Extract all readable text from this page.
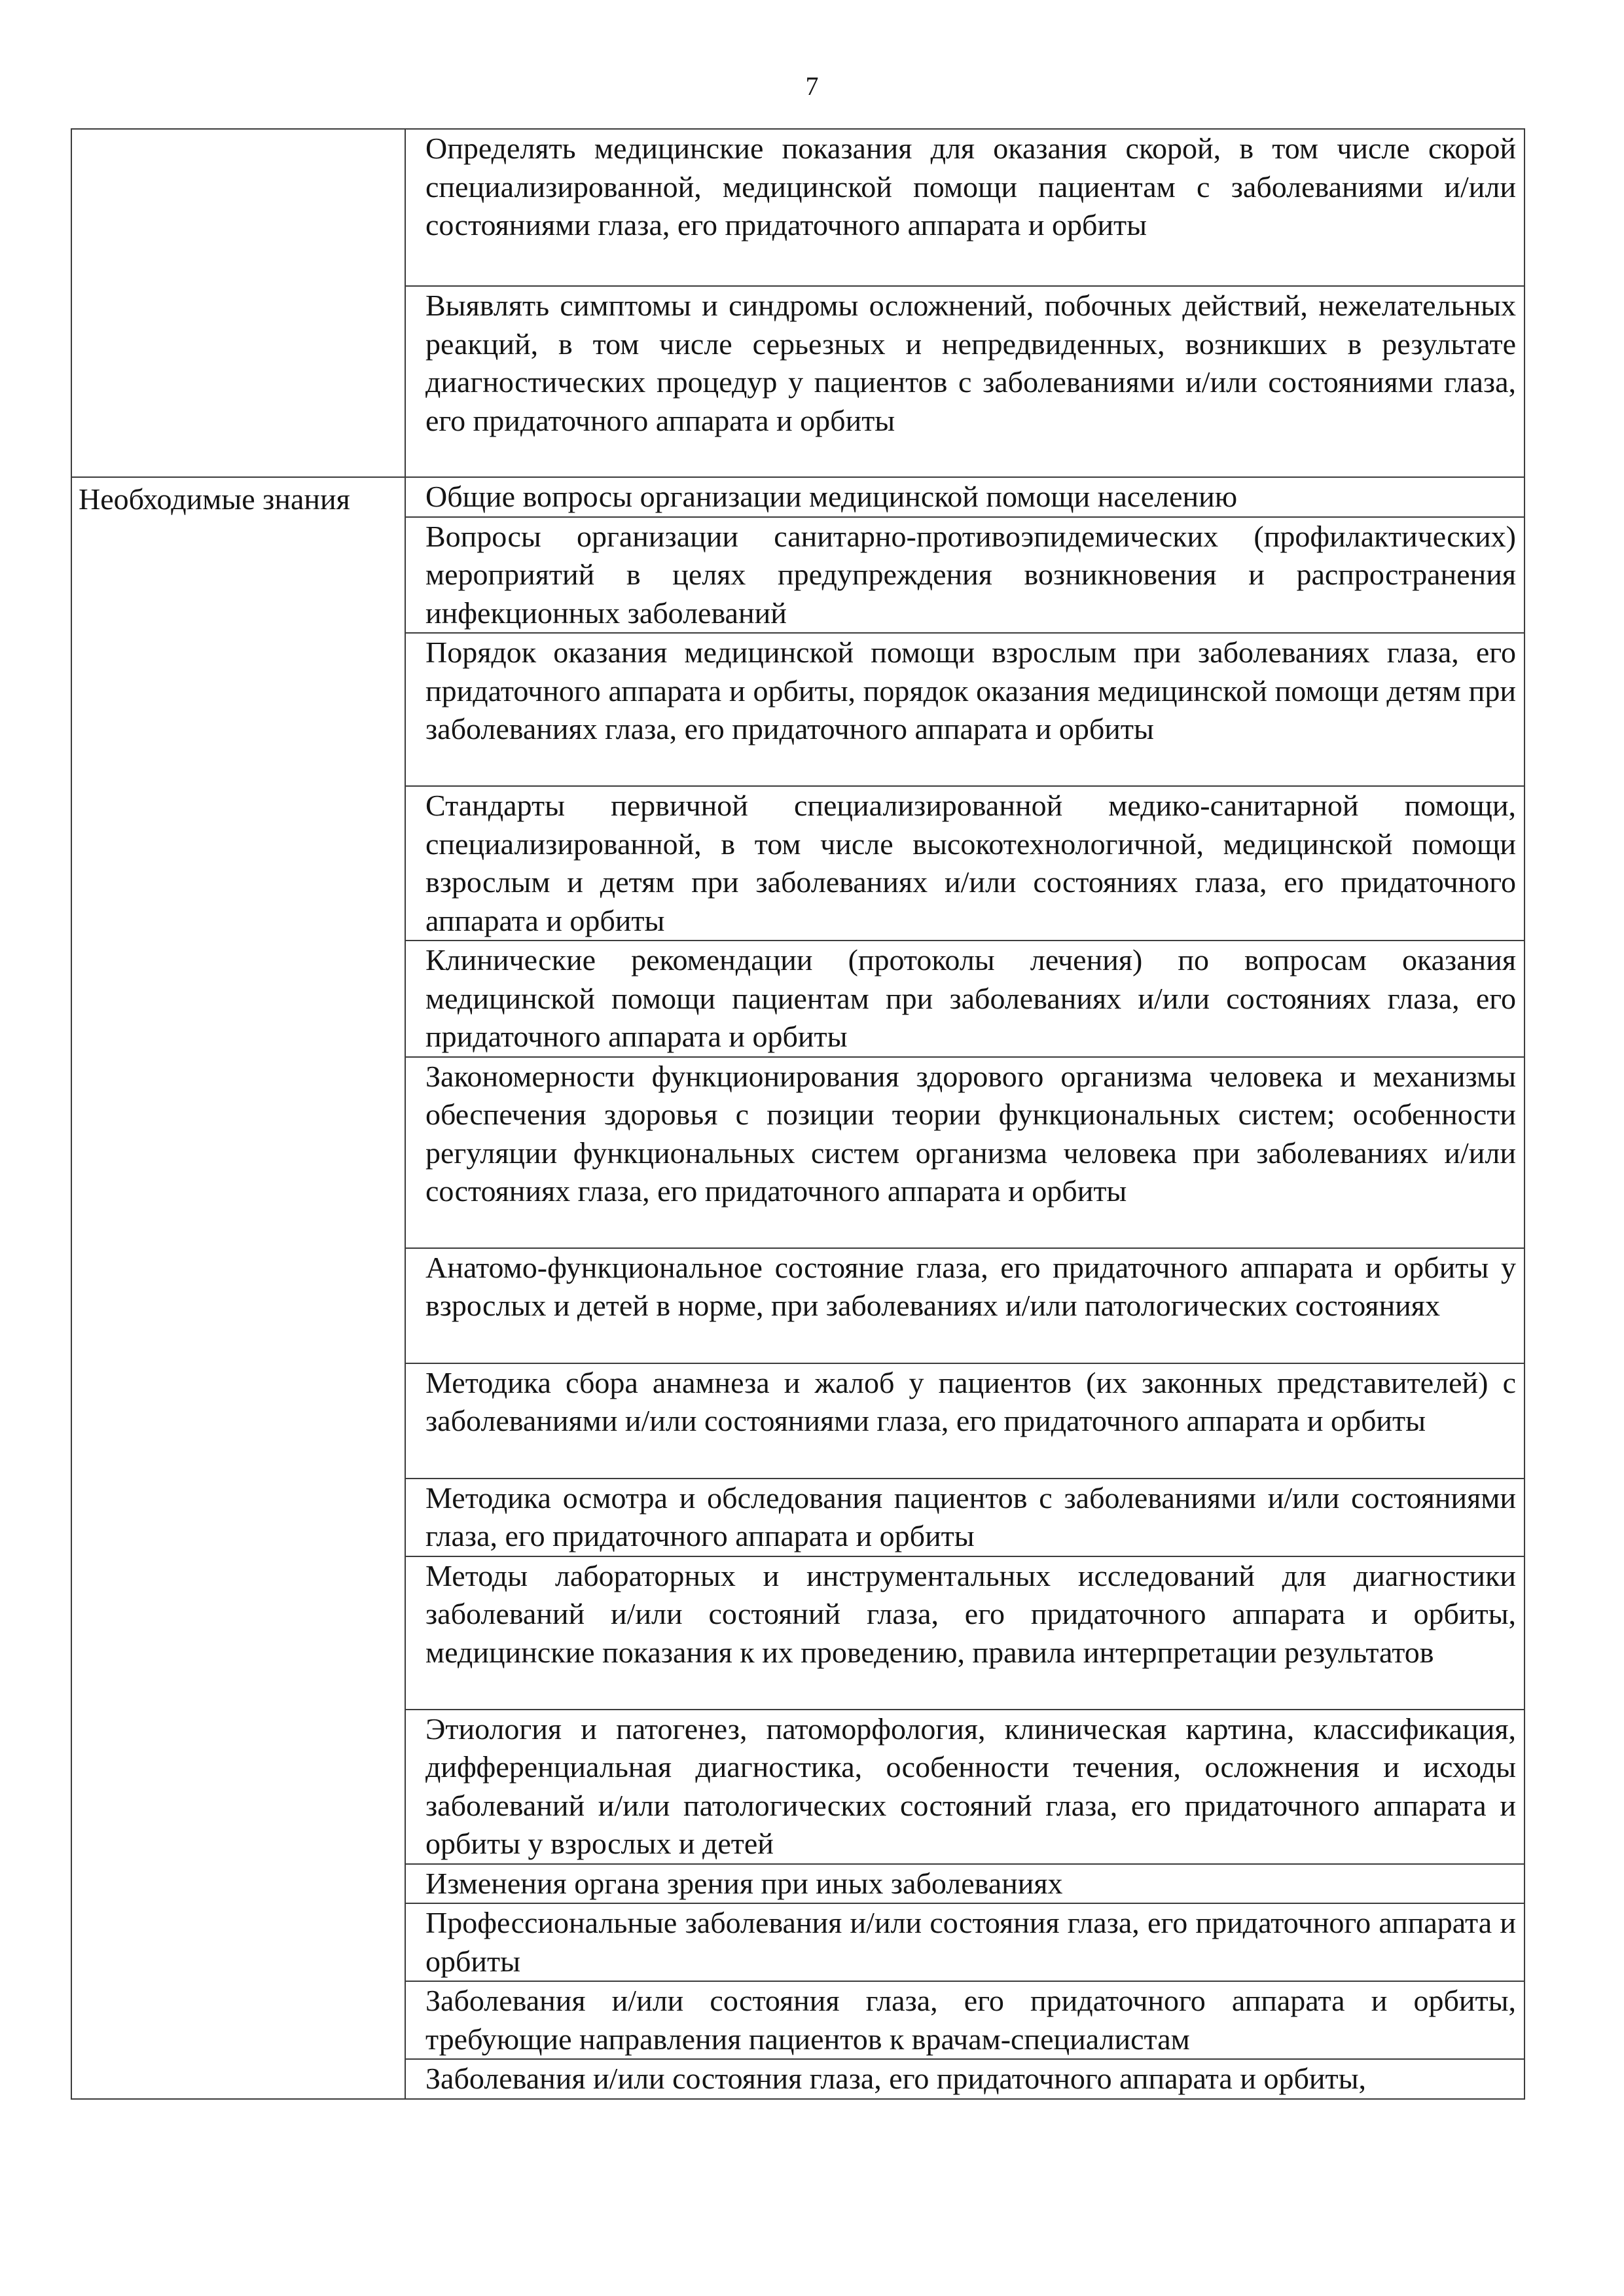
7
	Определять медицинские показания для оказания скорой, в том числе скорой специализированной, медицинской помощи пациентам с заболеваниями и/или состояниями глаза, его придаточного аппарата и орбиты
	Выявлять симптомы и синдромы осложнений, побочных действий, нежелательных реакций, в том числе серьезных и непредвиденных, возникших в результате диагностических процедур у пациентов с заболеваниями и/или состояниями глаза, его придаточного аппарата и орбиты
Необходимые знания	Общие вопросы организации медицинской помощи населению
	Вопросы организации санитарно-противоэпидемических (профилактических) мероприятий в целях предупреждения возникновения и распространения инфекционных заболеваний
	Порядок оказания медицинской помощи взрослым при заболеваниях глаза, его придаточного аппарата и орбиты, порядок оказания медицинской помощи детям при заболеваниях глаза, его придаточного аппарата и орбиты
	Стандарты первичной специализированной медико-санитарной помощи, специализированной, в том числе высокотехнологичной, медицинской помощи взрослым и детям при заболеваниях и/или состояниях глаза, его придаточного аппарата и орбиты
	Клинические рекомендации (протоколы лечения) по вопросам оказания медицинской помощи пациентам при заболеваниях и/или состояниях глаза, его придаточного аппарата и орбиты
	Закономерности функционирования здорового организма человека и механизмы обеспечения здоровья с позиции теории функциональных систем; особенности регуляции функциональных систем организма человека при заболеваниях и/или состояниях глаза, его придаточного аппарата и орбиты
	Анатомо-функциональное состояние глаза, его придаточного аппарата и орбиты у взрослых и детей в норме, при заболеваниях и/или патологических состояниях
	Методика сбора анамнеза и жалоб у пациентов (их законных представителей) с заболеваниями и/или состояниями глаза, его придаточного аппарата и орбиты
	Методика осмотра и обследования пациентов с заболеваниями и/или состояниями глаза, его придаточного аппарата и орбиты
	Методы лабораторных и инструментальных исследований для диагностики заболеваний и/или состояний глаза, его придаточного аппарата и орбиты, медицинские показания к их проведению, правила интерпретации результатов
	Этиология и патогенез, патоморфология, клиническая картина, классификация, дифференциальная диагностика, особенности течения, осложнения и исходы заболеваний и/или патологических состояний глаза, его придаточного аппарата и орбиты у взрослых и детей
	Изменения органа зрения при иных заболеваниях
	Профессиональные заболевания и/или состояния глаза, его придаточного аппарата и орбиты
	Заболевания и/или состояния глаза, его придаточного аппарата и орбиты, требующие направления пациентов к врачам-специалистам
	Заболевания и/или состояния глаза, его придаточного аппарата и орбиты,
